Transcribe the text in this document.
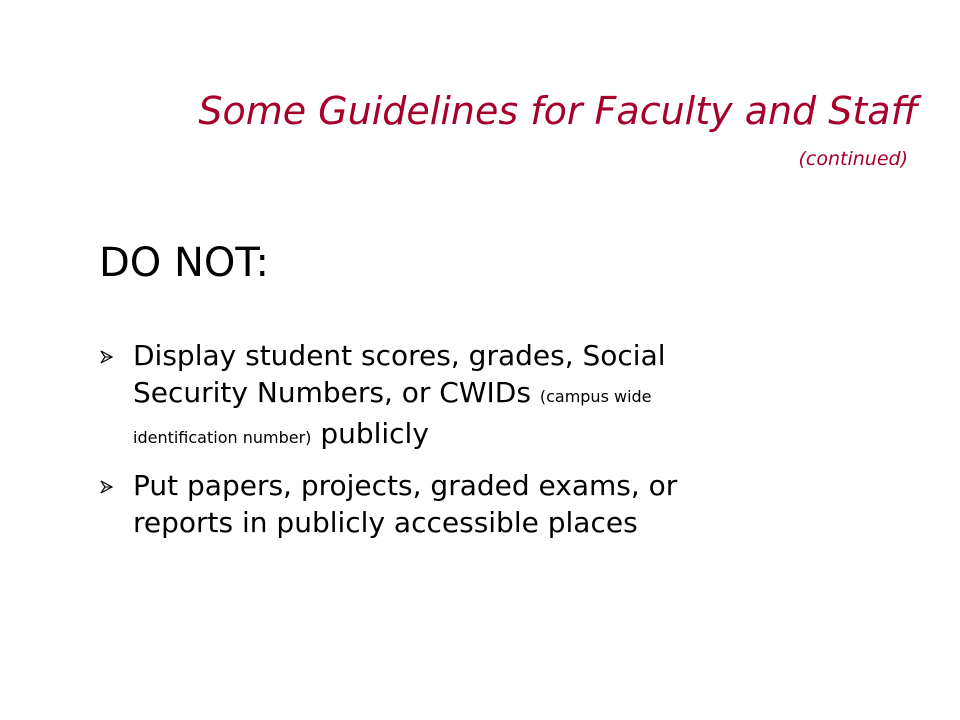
Some Guidelines for Faculty and Staff
(continued)
DO NOT:
Display student scores, grades, Social
Security Numbers, or CWIDs (campus wide
identification number) publicly
Put papers, projects, graded exams, or
reports in publicly accessible places
